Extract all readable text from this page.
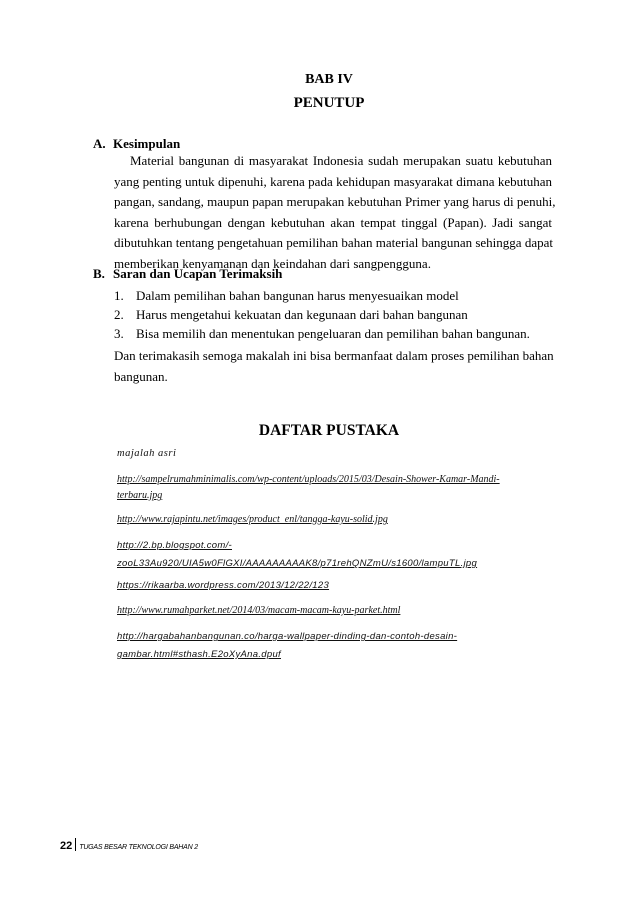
BAB IV
PENUTUP
A. Kesimpulan
Material bangunan di masyarakat Indonesia sudah merupakan suatu kebutuhan
yang penting untuk dipenuhi, karena pada kehidupan masyarakat dimana kebutuhan
pangan, sandang, maupun papan merupakan kebutuhan Primer yang harus di penuhi,
karena berhubungan dengan kebutuhan akan tempat tinggal (Papan). Jadi sangat
dibutuhkan tentang pengetahuan pemilihan bahan material bangunan sehingga dapat
memberikan kenyamanan dan keindahan dari sangpengguna.
B. Saran dan Ucapan Terimaksih
1. Dalam pemilihan bahan bangunan harus menyesuaikan model
2. Harus mengetahui kekuatan dan kegunaan dari bahan bangunan
3. Bisa memilih dan menentukan pengeluaran dan pemilihan bahan bangunan.
Dan terimakasih semoga makalah ini bisa bermanfaat dalam proses pemilihan bahan
bangunan.
DAFTAR PUSTAKA
majalah asri
http://sampelrumahminimalis.com/wp-content/uploads/2015/03/Desain-Shower-Kamar-Mandi-
terbaru.jpg
http://www.rajapintu.net/images/product_enl/tangga-kayu-solid.jpg
http://2.bp.blogspot.com/-
zooL33Au920/UIA5w0FlGXI/AAAAAAAAAK8/p71rehQNZmU/s1600/lampuTL.jpg
https://rikaarba.wordpress.com/2013/12/22/123
http://www.rumahparket.net/2014/03/macam-macam-kayu-parket.html
http://hargabahanbangunan.co/harga-wallpaper-dinding-dan-contoh-desain-
gambar.html#sthash.E2oXyAna.dpuf
22 TUGAS BESAR TEKNOLOGI BAHAN 2
